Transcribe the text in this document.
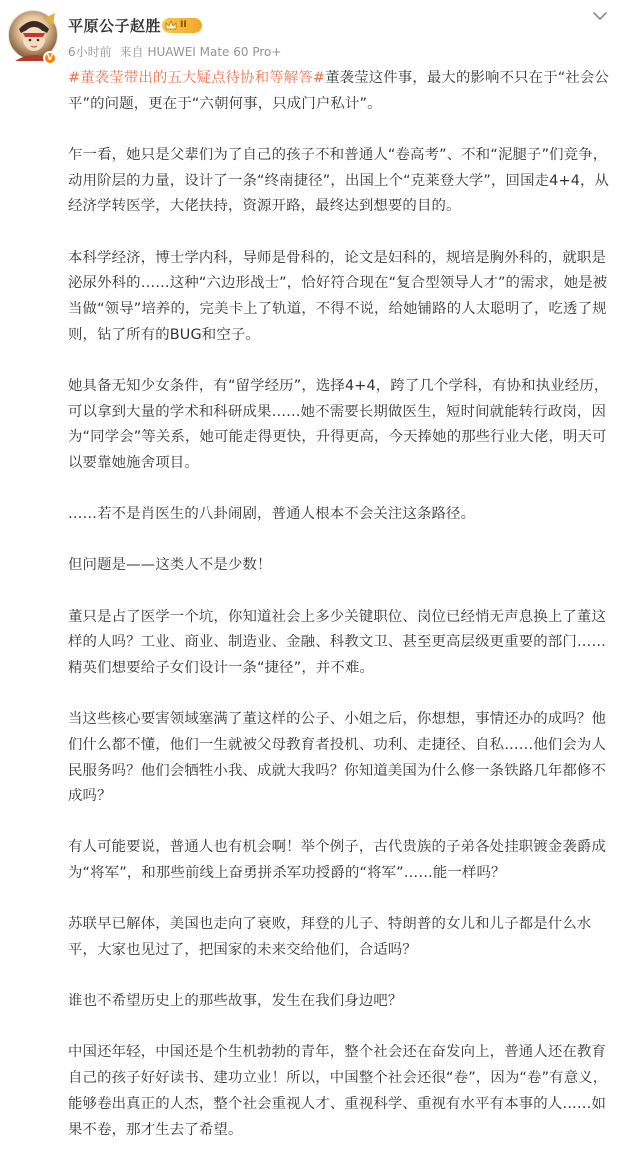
V
平原公子赵胜	II
6小时前 来自 HUAWEI Mate 60 Pro+

#董袭莹带出的五大疑点待协和等解答#董袭莹这件事，最大的影响不只在于“社会公平”的问题，更在于“六朝何事，只成门户私计”。

乍一看，她只是父辈们为了自己的孩子不和普通人“卷高考”、不和“泥腿子”们竞争，动用阶层的力量，设计了一条“终南捷径”，出国上个“克莱登大学”，回国走4+4，从经济学转医学，大佬扶持，资源开路，最终达到想要的目的。

本科学经济，博士学内科，导师是骨科的，论文是妇科的，规培是胸外科的，就职是泌尿外科的……这种“六边形战士”，恰好符合现在“复合型领导人才”的需求，她是被当做“领导”培养的，完美卡上了轨道，不得不说，给她铺路的人太聪明了，吃透了规则，钻了所有的BUG和空子。

她具备无知少女条件，有“留学经历”，选择4+4，跨了几个学科，有协和执业经历，可以拿到大量的学术和科研成果……她不需要长期做医生，短时间就能转行政岗，因为“同学会”等关系，她可能走得更快，升得更高，今天捧她的那些行业大佬，明天可以要靠她施舍项目。

……若不是肖医生的八卦闹剧，普通人根本不会关注这条路径。

但问题是——这类人不是少数！

董只是占了医学一个坑，你知道社会上多少关键职位、岗位已经悄无声息换上了董这样的人吗？工业、商业、制造业、金融、科教文卫、甚至更高层级更重要的部门……精英们想要给子女们设计一条“捷径”，并不难。

当这些核心要害领域塞满了董这样的公子、小姐之后，你想想，事情还办的成吗？他们什么都不懂，他们一生就被父母教育者投机、功利、走捷径、自私……他们会为人民服务吗？他们会牺牲小我、成就大我吗？你知道美国为什么修一条铁路几年都修不成吗？

有人可能要说，普通人也有机会啊！举个例子，古代贵族的子弟各处挂职镀金袭爵成为“将军”，和那些前线上奋勇拼杀军功授爵的“将军”……能一样吗？

苏联早已解体，美国也走向了衰败，拜登的儿子、特朗普的女儿和儿子都是什么水平，大家也见过了，把国家的未来交给他们，合适吗？

谁也不希望历史上的那些故事，发生在我们身边吧？

中国还年轻，中国还是个生机勃勃的青年，整个社会还在奋发向上，普通人还在教育自己的孩子好好读书、建功立业！所以，中国整个社会还很“卷”，因为“卷”有意义，能够卷出真正的人杰，整个社会重视人才、重视科学、重视有水平有本事的人……如果不卷，那才生去了希望。
